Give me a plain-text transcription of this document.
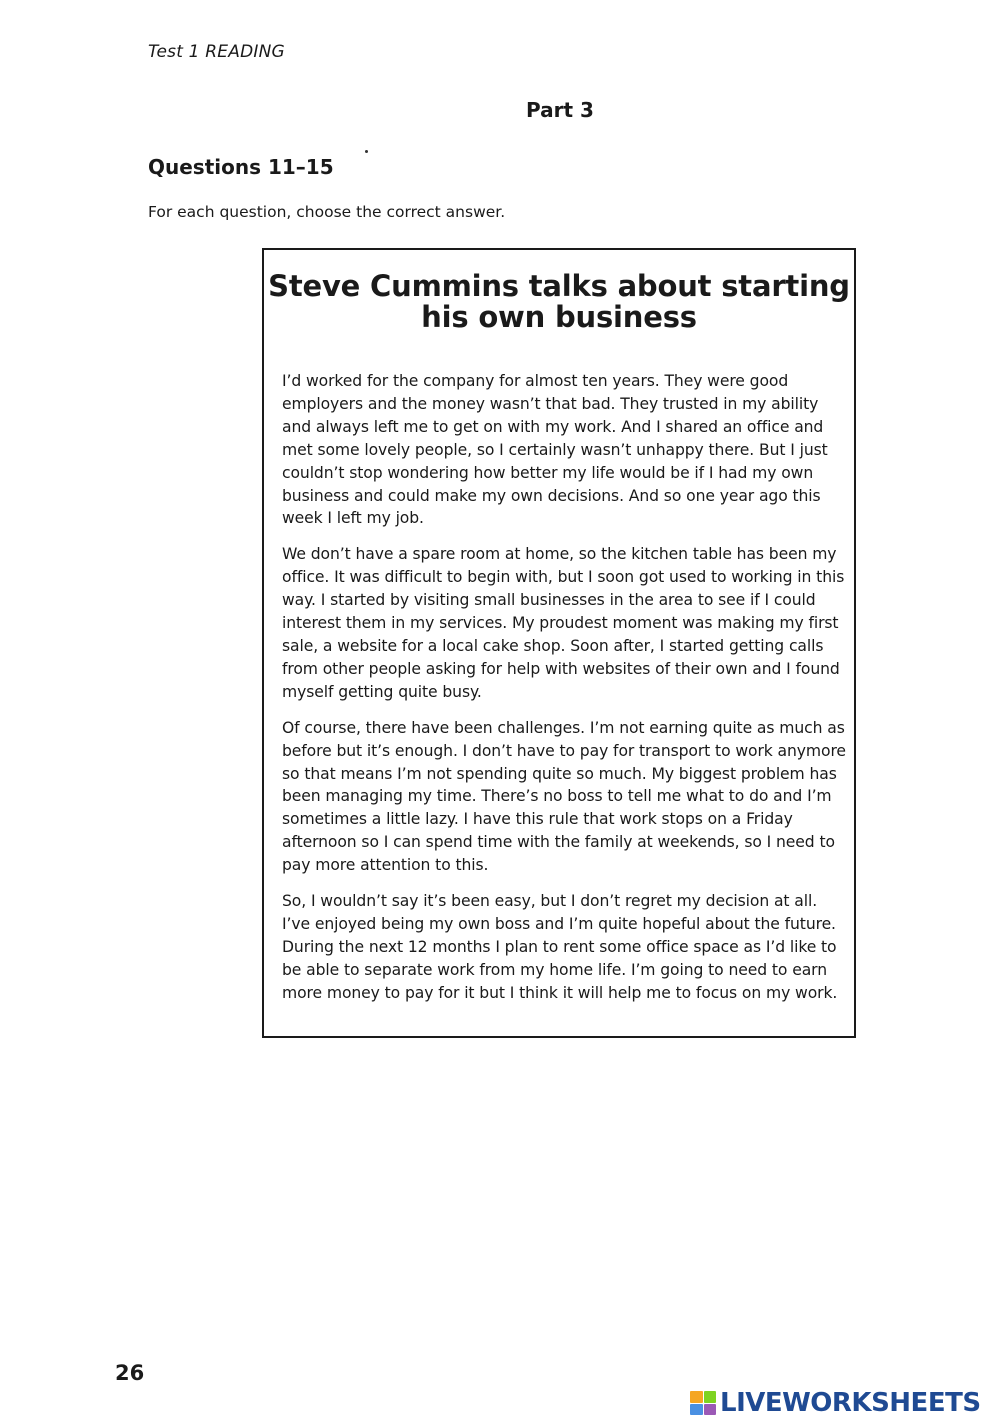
Test 1 READING
Part 3
Questions 11–15
For each question, choose the correct answer.
Steve Cummins talks about starting
his own business

I’d worked for the company for almost ten years. They were good employers and the money wasn’t that bad. They trusted in my ability and always left me to get on with my work. And I shared an office and met some lovely people, so I certainly wasn’t unhappy there. But I just couldn’t stop wondering how better my life would be if I had my own business and could make my own decisions. And so one year ago this week I left my job.

We don’t have a spare room at home, so the kitchen table has been my office. It was difficult to begin with, but I soon got used to working in this way. I started by visiting small businesses in the area to see if I could interest them in my services. My proudest moment was making my first sale, a website for a local cake shop. Soon after, I started getting calls from other people asking for help with websites of their own and I found myself getting quite busy.

Of course, there have been challenges. I’m not earning quite as much as before but it’s enough. I don’t have to pay for transport to work anymore so that means I’m not spending quite so much. My biggest problem has been managing my time. There’s no boss to tell me what to do and I’m sometimes a little lazy. I have this rule that work stops on a Friday afternoon so I can spend time with the family at weekends, so I need to pay more attention to this.

So, I wouldn’t say it’s been easy, but I don’t regret my decision at all. I’ve enjoyed being my own boss and I’m quite hopeful about the future. During the next 12 months I plan to rent some office space as I’d like to be able to separate work from my home life. I’m going to need to earn more money to pay for it but I think it will help me to focus on my work.

26
LIVEWORKSHEETS
